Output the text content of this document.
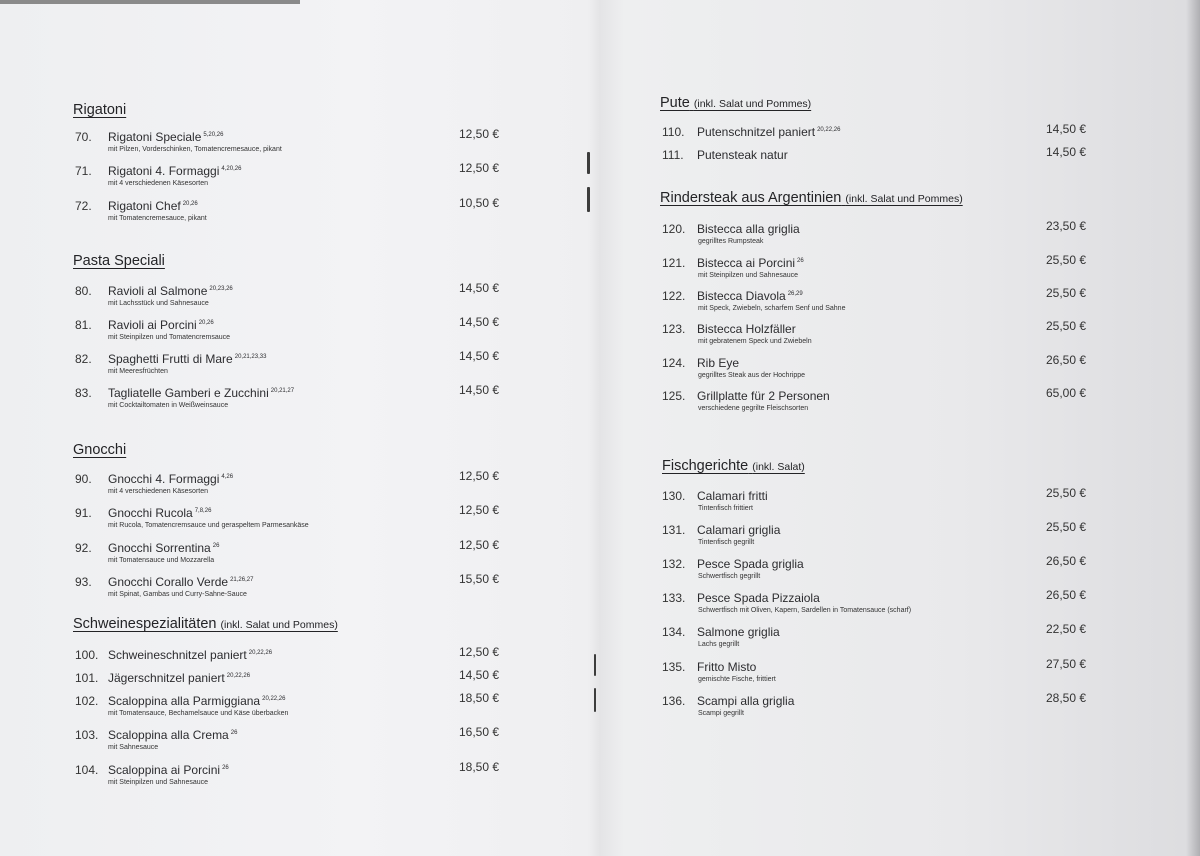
Rigatoni
70. Rigatoni Speciale $^{5,20,26}$
mit Pilzen, Vorderschinken, Tomatencremesauce, pikant
12,50 €
71. Rigatoni 4. Formaggi $^{4,20,26}$
mit 4 verschiedenen Käsesorten
12,50 €
72. Rigatoni Chef $^{20,26}$
mit Tomatencremesauce, pikant
10,50 €
Pasta Speciali
80. Ravioli al Salmone $^{20,23,26}$
mit Lachsstück und Sahnesauce
14,50 €
81. Ravioli ai Porcini $^{20,26}$
mit Steinpilzen und Tomatencremsauce
14,50 €
82. Spaghetti Frutti di Mare $^{20,21,23,33}$
mit Meeresfrüchten
14,50 €
83. Tagliatelle Gamberi e Zucchini $^{20,21,27}$
mit Cocktailtomaten in Weißweinsauce
14,50 €
Gnocchi
90. Gnocchi 4. Formaggi $^{4,26}$
mit 4 verschiedenen Käsesorten
12,50 €
91. Gnocchi Rucola $^{7,8,26}$
mit Rucola, Tomatencremsauce und geraspeltem Parmesankäse
12,50 €
92. Gnocchi Sorrentina $^{26}$
mit Tomatensauce und Mozzarella
12,50 €
93. Gnocchi Corallo Verde $^{21,26,27}$
mit Spinat, Gambas und Curry-Sahne-Sauce
15,50 €
Schweinespezialitäten (inkl. Salat und Pommes)
100. Schweineschnitzel paniert $^{20,22,26}$	12,50 €
101. Jägerschnitzel paniert $^{20,22,26}$	14,50 €
102. Scaloppina alla Parmiggiana $^{20,22,26}$
mit Tomatensauce, Bechamelsauce und Käse überbacken
18,50 €
103. Scaloppina alla Crema $^{26}$
mit Sahnesauce
16,50 €
104. Scaloppina ai Porcini $^{26}$
mit Steinpilzen und Sahnesauce
18,50 €
Pute (inkl. Salat und Pommes)
110. Putenschnitzel paniert $^{20,22,26}$	14,50 €
111. Putensteak natur	14,50 €
Rindersteak aus Argentinien (inkl. Salat und Pommes)
120. Bistecca alla griglia
gegrilltes Rumpsteak
23,50 €
121. Bistecca ai Porcini $^{26}$
mit Steinpilzen und Sahnesauce
25,50 €
122. Bistecca Diavola $^{26,29}$
mit Speck, Zwiebeln, scharfem Senf und Sahne
25,50 €
123. Bistecca Holzfäller
mit gebratenem Speck und Zwiebeln
25,50 €
124. Rib Eye
gegrilltes Steak aus der Hochrippe
26,50 €
125. Grillplatte für 2 Personen
verschiedene gegrilte Fleischsorten
65,00 €
Fischgerichte (inkl. Salat)
130. Calamari fritti
Tintenfisch frittiert
25,50 €
131. Calamari griglia
Tintenfisch gegrillt
25,50 €
132. Pesce Spada griglia
Schwertfisch gegrillt
26,50 €
133. Pesce Spada Pizzaiola
Schwertfisch mit Oliven, Kapern, Sardellen in Tomatensauce (scharf)
26,50 €
134. Salmone griglia
Lachs gegrillt
22,50 €
135. Fritto Misto
gemischte Fische, frittiert
27,50 €
136. Scampi alla griglia
Scampi gegrillt
28,50 €
